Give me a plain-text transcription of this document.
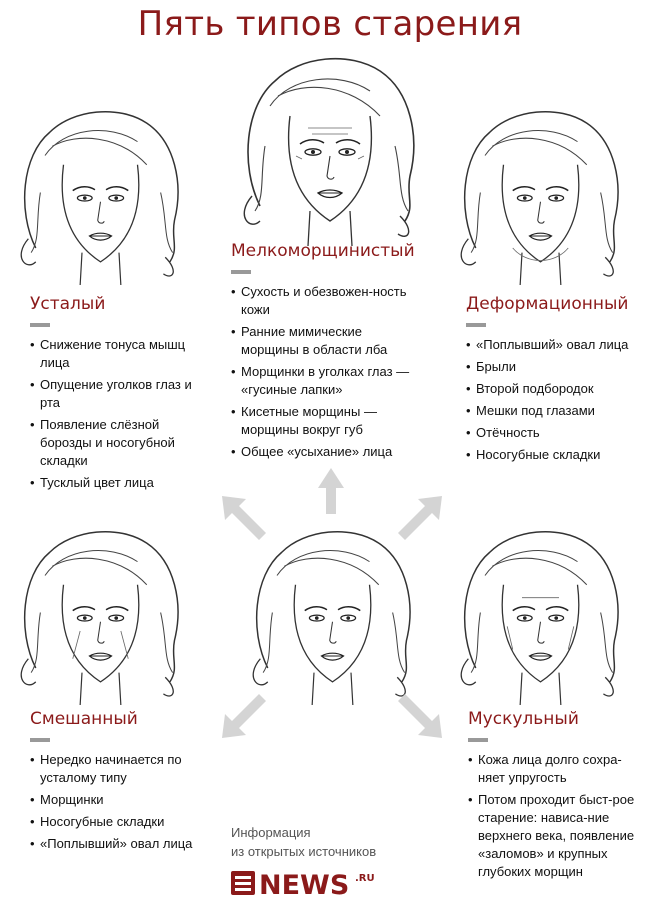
Пять типов старения
Мелкоморщинистый
• Сухость и обезвожен-ность кожи
• Ранние мимические морщины в области лба
• Морщинки в уголках глаз — «гусиные лапки»
• Кисетные морщины — морщины вокруг губ
• Общее «усыхание» лица
Усталый
• Снижение тонуса мышц лица
• Опущение уголков глаз и рта
• Появление слёзной борозды и носогубной складки
• Тусклый цвет лица
Деформационный
• «Поплывший» овал лица
• Брыли
• Второй подбородок
• Мешки под глазами
• Отёчность
• Носогубные складки
Смешанный
• Нередко начинается по усталому типу
• Морщинки
• Носогубные складки
• «Поплывший» овал лица
Мускульный
• Кожа лица долго сохра-няет упругость
• Потом проходит быст-рое старение: нависа-ние верхнего века, появление «заломов» и крупных глубоких морщин
Информация
из открытых источников
NEWS .RU
